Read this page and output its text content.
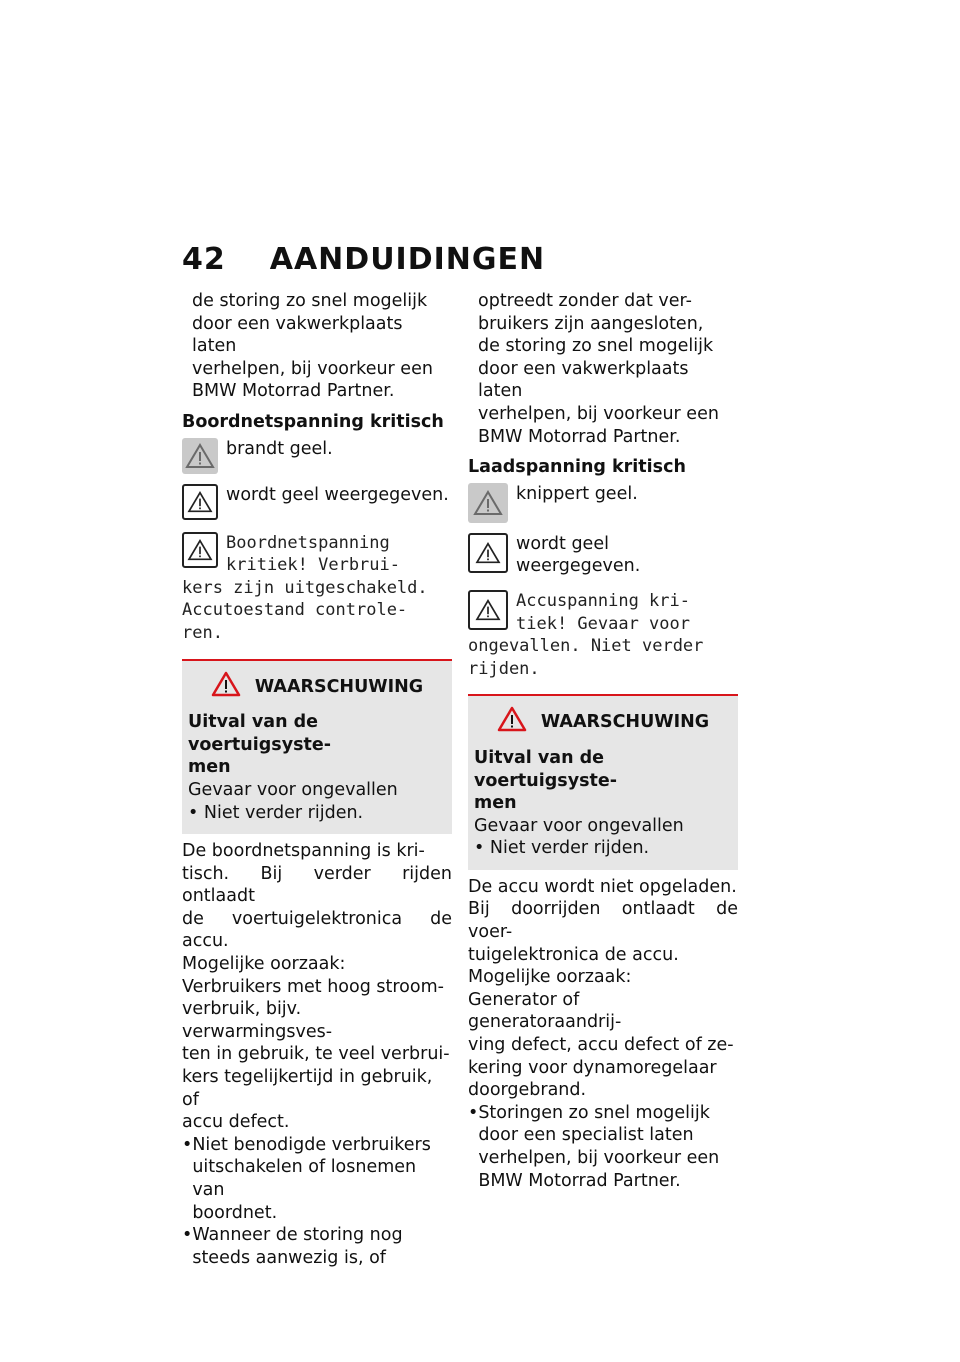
42 AANDUIDINGEN
de storing zo snel mogelijk
door een vakwerkplaats laten
verhelpen, bij voorkeur een
BMW Motorrad Partner.
Boordnetspanning kritisch
brandt geel.
wordt geel weergegeven.
Boordnetspanning
kritiek! Verbrui-
kers zijn uitgeschakeld.
Accutoestand controle-
ren.
WAARSCHUWING
Uitval van de voertuigsyste-
men
Gevaar voor ongevallen
• Niet verder rijden.
De boordnetspanning is kri-
tisch. Bij verder rijden ontlaadt
de voertuigelektronica de accu.
Mogelijke oorzaak:
Verbruikers met hoog stroom-
verbruik, bijv. verwarmingsves-
ten in gebruik, te veel verbrui-
kers tegelijkertijd in gebruik, of
accu defect.
• Niet benodigde verbruikers
uitschakelen of losnemen van
boordnet.
• Wanneer de storing nog
steeds aanwezig is, of
optreedt zonder dat ver-
bruikers zijn aangesloten,
de storing zo snel mogelijk
door een vakwerkplaats laten
verhelpen, bij voorkeur een
BMW Motorrad Partner.
Laadspanning kritisch
knippert geel.
wordt geel weergegeven.
Accuspanning kri-
tiek! Gevaar voor
ongevallen. Niet verder
rijden.
WAARSCHUWING
Uitval van de voertuigsyste-
men
Gevaar voor ongevallen
• Niet verder rijden.
De accu wordt niet opgeladen.
Bij doorrijden ontlaadt de voer-
tuigelektronica de accu.
Mogelijke oorzaak:
Generator of generatoraandrij-
ving defect, accu defect of ze-
kering voor dynamoregelaar
doorgebrand.
• Storingen zo snel mogelijk
door een specialist laten
verhelpen, bij voorkeur een
BMW Motorrad Partner.
